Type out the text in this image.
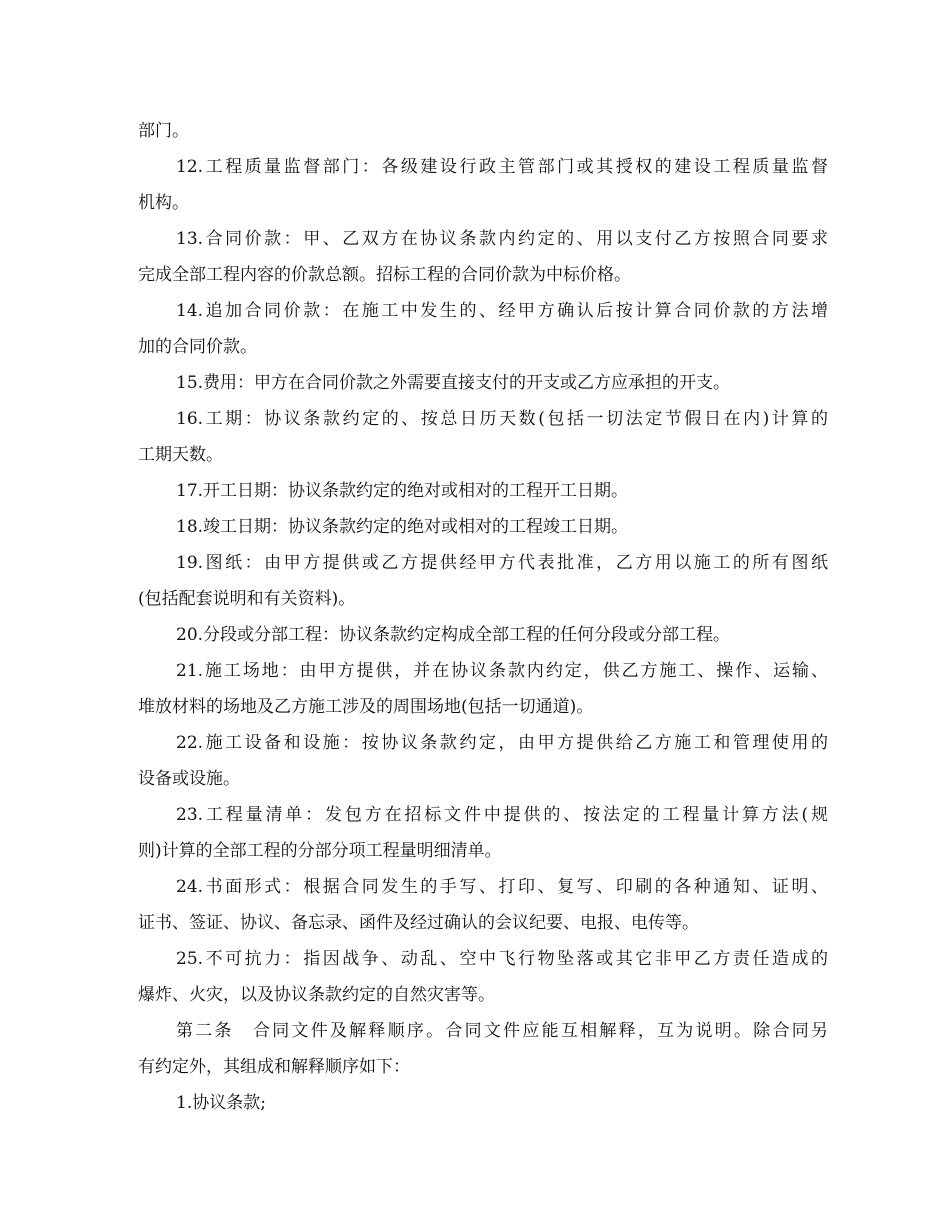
部门。
12.工程质量监督部门：各级建设行政主管部门或其授权的建设工程质量监督
机构。
13.合同价款：甲、乙双方在协议条款内约定的、用以支付乙方按照合同要求
完成全部工程内容的价款总额。招标工程的合同价款为中标价格。
14.追加合同价款：在施工中发生的、经甲方确认后按计算合同价款的方法增
加的合同价款。
15.费用：甲方在合同价款之外需要直接支付的开支或乙方应承担的开支。
16.工期：协议条款约定的、按总日历天数(包括一切法定节假日在内)计算的
工期天数。
17.开工日期：协议条款约定的绝对或相对的工程开工日期。
18.竣工日期：协议条款约定的绝对或相对的工程竣工日期。
19.图纸：由甲方提供或乙方提供经甲方代表批准，乙方用以施工的所有图纸
(包括配套说明和有关资料)。
20.分段或分部工程：协议条款约定构成全部工程的任何分段或分部工程。
21.施工场地：由甲方提供，并在协议条款内约定，供乙方施工、操作、运输、
堆放材料的场地及乙方施工涉及的周围场地(包括一切通道)。
22.施工设备和设施：按协议条款约定，由甲方提供给乙方施工和管理使用的
设备或设施。
23.工程量清单：发包方在招标文件中提供的、按法定的工程量计算方法(规
则)计算的全部工程的分部分项工程量明细清单。
24.书面形式：根据合同发生的手写、打印、复写、印刷的各种通知、证明、
证书、签证、协议、备忘录、函件及经过确认的会议纪要、电报、电传等。
25.不可抗力：指因战争、动乱、空中飞行物坠落或其它非甲乙方责任造成的
爆炸、火灾，以及协议条款约定的自然灾害等。
第二条　合同文件及解释顺序。合同文件应能互相解释，互为说明。除合同另
有约定外，其组成和解释顺序如下：
1.协议条款;
